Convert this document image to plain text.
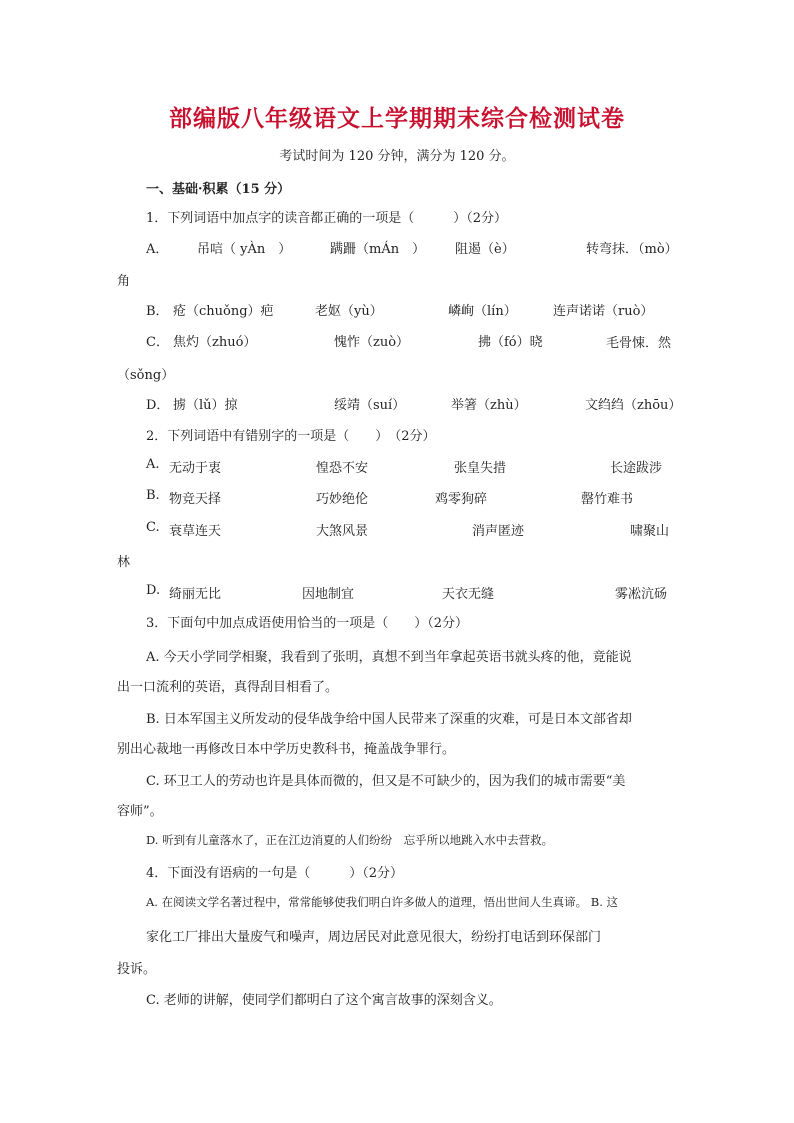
部编版八年级语文上学期期末综合检测试卷
考试时间为 120 分钟，满分为 120 分。
一、基础·积累（15 分）
1．下列词语中加点字的读音都正确的一项是（　　　）（2分）
A． 吊唁（ yÀn　）	蹒跚（mÁn　） 阻遏（è）	转弯抹．（mò）
角
B． 疮（chuǒng）疤	老妪（yù）	嶙峋（lín）	连声诺诺（ruò）
C． 焦灼（zhuó）	愧怍（zuò）	拂（fó）晓	毛骨悚．然
（sǒng）
D． 掳（lǔ）掠	绥靖（suí）	举箸（zhù）	文绉绉（zhōu）
2．下列词语中有错别字的一项是（　　）　（2分）
A. 无动于衷	惶恐不安	张皇失措	长途跋涉
B. 物竞天择	巧妙绝伦	鸡零狗碎	罄竹难书
C. 衰草连天	大煞风景	消声匿迹	啸聚山
林
D. 绮丽无比	因地制宜	天衣无缝	雾凇沆砀
3．下面句中加点成语使用恰当的一项是（　　）（2分）
A. 今天小学同学相聚，我看到了张明，真想不到当年拿起英语书就头疼的他，竟能说
出一口流利的英语，真得刮目相看了。
B. 日本军国主义所发动的侵华战争给中国人民带来了深重的灾难，可是日本文部省却
别出心裁地一再修改日本中学历史教科书，掩盖战争罪行。
C. 环卫工人的劳动也许是具体而微的，但又是不可缺少的，因为我们的城市需要“美
容师”。
D. 听到有儿童落水了，正在江边消夏的人们纷纷　忘乎所以地跳入水中去营救。
4．下面没有语病的一句是（　　　）（2分）
A. 在阅读文学名著过程中，常常能够使我们明白许多做人的道理，悟出世间人生真谛。 B. 这
家化工厂排出大量废气和噪声，周边居民对此意见很大，纷纷打电话到环保部门
投诉。
C. 老师的讲解，使同学们都明白了这个寓言故事的深刻含义。
